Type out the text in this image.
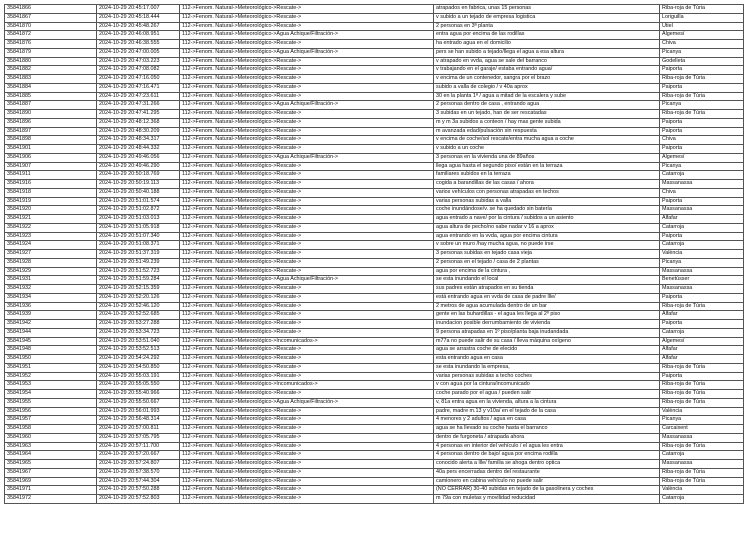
35841866	2024-10-29 20:45:17.007	112->Fenom. Natural->Meteorológico->Rescate->	atrapados en fabrica, unas 15 personas	Riba-roja de Túria
35841867	2024-10-29 20:45:18.444	112->Fenom. Natural->Meteorológico->Rescate->	v subido a un tejado de empresa logistica	Loriguilla
35841870	2024-10-29 20:45:48.267	112->Fenom. Natural->Meteorológico->Rescate->	2 personas en 3ª planta	Utiel
35841872	2024-10-29 20:46:08.951	112->Fenom. Natural->Meteorológico->Agua Achique/Filtración->	entra agua por encima de las rodillas	Algemesí
35841876	2024-10-29 20:46:38.555	112->Fenom. Natural->Meteorológico->Rescate->	ha entrado agua en el domicilio	Chiva
35841879	2024-10-29 20:47:00.005	112->Fenom. Natural->Meteorológico->Agua Achique/Filtración->	pers se han subido a tejado/llega el agua a esa altura	Picanya
35841880	2024-10-29 20:47:03.223	112->Fenom. Natural->Meteorológico->Rescate->	v atrapado en vvda, agua se sale del barranco	Godelleta
35841882	2024-10-29 20:47:08.082	112->Fenom. Natural->Meteorológico->Rescate->	v trabajando en el garaje/ estaba entrando agua/	Paiporta
35841883	2024-10-29 20:47:16.050	112->Fenom. Natural->Meteorológico->Rescate->	v encima de un contenedor, sangra por el brazo	Riba-roja de Túria
35841884	2024-10-29 20:47:16.471	112->Fenom. Natural->Meteorológico->Rescate->	subido a valla de colegio / v 40a aprox	Paiporta
35841885	2024-10-29 20:47:23.611	112->Fenom. Natural->Meteorológico->Rescate->	30 en la planta 1ª / agua a mitad de la escalera y sube	Riba-roja de Túria
35841887	2024-10-29 20:47:31.266	112->Fenom. Natural->Meteorológico->Agua Achique/Filtración->	2 personas dentro de casa , entrando agua	Picanya
35841890	2024-10-29 20:47:41.295	112->Fenom. Natural->Meteorológico->Rescate->	3 subidas en un tejado, han de ser rescatadas	Riba-roja de Túria
35841896	2024-10-29 20:48:12.368	112->Fenom. Natural->Meteorológico->Rescate->	m y m 3a subidos a conteon / hay mas gente subida	Paiporta
35841897	2024-10-29 20:48:30.209	112->Fenom. Natural->Meteorológico->Rescate->	m avanzada edad/pulsación sin respuesta	Paiporta
35841898	2024-10-29 20:48:34.317	112->Fenom. Natural->Meteorológico->Rescate->	v encima de coche/sol rescate/entra mucha agua a coche	Chiva
35841901	2024-10-29 20:48:44.332	112->Fenom. Natural->Meteorológico->Rescate->	v subido a un coche	Paiporta
35841906	2024-10-29 20:49:46.056	112->Fenom. Natural->Meteorológico->Agua Achique/Filtración->	3 personas en la vivienda una de 89años	Algemesí
35841907	2024-10-29 20:49:46.290	112->Fenom. Natural->Meteorológico->Rescate->	llega agua hasta el segundo piso/ están en la terraza	Picanya
35841911	2024-10-29 20:50:18.769	112->Fenom. Natural->Meteorológico->Rescate->	familiares subidos en la terraza	Catarroja
35841916	2024-10-29 20:50:19.113	112->Fenom. Natural->Meteorológico->Rescate->	cogida a barandillas de las casas / ahora	Massanassa
35841918	2024-10-29 20:50:40.188	112->Fenom. Natural->Meteorológico->Rescate->	varios vehículos con personas atrapadas en techos	Chiva
35841919	2024-10-29 20:51:01.574	112->Fenom. Natural->Meteorológico->Rescate->	varias personas subidas a valla	Paiporta
35841920	2024-10-29 20:51:02.872	112->Fenom. Natural->Meteorológico->Rescate->	coche inundándose/v. se ha quedado sin batería	Massanassa
35841921	2024-10-29 20:51:03.013	112->Fenom. Natural->Meteorológico->Rescate->	agua entrado a nave/ por la cintura / subidos a un asiento	Alfafar
35841922	2024-10-29 20:51:05.918	112->Fenom. Natural->Meteorológico->Rescate->	agua altura de pecho/no sabe nadar v 16 a aprox	Catarroja
35841923	2024-10-29 20:51:07.340	112->Fenom. Natural->Meteorológico->Rescate->	agua entrando en la vvda, agua por encima cintura	Paiporta
35841924	2024-10-29 20:51:08.371	112->Fenom. Natural->Meteorológico->Rescate->	v sobre un muro /hay mucha agua, no puede irse	Catarroja
35841927	2024-10-29 20:51:37.319	112->Fenom. Natural->Meteorológico->Rescate->	3 personas subidas en tejado casa vieja	València
35841928	2024-10-29 20:51:49.239	112->Fenom. Natural->Meteorológico->Rescate->	2 personas en el tejado / casa de 2 plantas	Picanya
35841929	2024-10-29 20:51:52.723	112->Fenom. Natural->Meteorológico->Rescate->	agua por encima de la cintura ,	Massanassa
35841931	2024-10-29 20:51:59.284	112->Fenom. Natural->Meteorológico->Agua Achique/Filtración->	se esta inundando el local	Benetússer
35841932	2024-10-29 20:52:15.359	112->Fenom. Natural->Meteorológico->Rescate->	sus padres están atrapados en su tienda	Massanassa
35841934	2024-10-29 20:52:20.126	112->Fenom. Natural->Meteorológico->Rescate->	está entrando agua en vvda de casa de padre llle/	Paiporta
35841936	2024-10-29 20:52:46.120	112->Fenom. Natural->Meteorológico->Rescate->	2 metros de agua acumulada dentro de un bar	Riba-roja de Túria
35841939	2024-10-29 20:52:52.685	112->Fenom. Natural->Meteorológico->Rescate->	gente en las buhardillas - el agua les llega al 2º piso	Alfafar
35841942	2024-10-29 20:53:27.288	112->Fenom. Natural->Meteorológico->Rescate->	inundacion posible derrumbamiento de vivienda	Paiporta
35841944	2024-10-29 20:53:34.723	112->Fenom. Natural->Meteorológico->Rescate->	9 persona atrapadas en 1º piso/planta baja inudandada	Catarroja
35841945	2024-10-29 20:53:51.040	112->Fenom. Natural->Meteorológico->Incomunicados->	m77a no puede salir de su casa / lleva máquina oxígeno	Algemesí
35841948	2024-10-29 20:53:52.513	112->Fenom. Natural->Meteorológico->Rescate->	agua se arrastra coche de elecido	Alfafar
35841950	2024-10-29 20:54:24.292	112->Fenom. Natural->Meteorológico->Rescate->	esta entrando agua en casa	Alfafar
35841951	2024-10-29 20:54:50.850	112->Fenom. Natural->Meteorológico->Rescate->	se esta inundando la empresa,	Riba-roja de Túria
35841952	2024-10-29 20:55:03.191	112->Fenom. Natural->Meteorológico->Rescate->	varias personas subidas a techo coches	Paiporta
35841953	2024-10-29 20:55:05.550	112->Fenom. Natural->Meteorológico->Incomunicados->	v con agua por la cintura/incomunicado	Riba-roja de Túria
35841954	2024-10-29 20:55:40.966	112->Fenom. Natural->Meteorológico->Rescate->	coche parado por el agua / pueden salir	Riba-roja de Túria
35841955	2024-10-29 20:55:50.667	112->Fenom. Natural->Meteorológico->Agua Achique/Filtración->	v, 81a entra agua en la vivienda, altura a la cintura	Riba-roja de Túria
35841956	2024-10-29 20:56:01.993	112->Fenom. Natural->Meteorológico->Rescate->	padre, madre m.13 y v10a/ en el tejado de la casa	València
35841957	2024-10-29 20:56:48.314	112->Fenom. Natural->Meteorológico->Rescate->	4 menores y 2 adultos / agua en casa	Picanya
35841958	2024-10-29 20:57:00.811	112->Fenom. Natural->Meteorológico->Rescate->	agua se ha llevado su coche hasta el barranco	Carcaixent
35841960	2024-10-29 20:57:05.795	112->Fenom. Natural->Meteorológico->Rescate->	dentro de furgoneta / atrapada ahora	Massanassa
35841963	2024-10-29 20:57:11.700	112->Fenom. Natural->Meteorológico->Rescate->	4 personas en interior del vehículo / el agua les entra	Riba-roja de Túria
35841964	2024-10-29 20:57:20.667	112->Fenom. Natural->Meteorológico->Rescate->	4 personas dentro de bajo/ agua por encima rodilla	Catarroja
35841965	2024-10-29 20:57:24.807	112->Fenom. Natural->Meteorológico->Rescate->	conocido alerta a llle/ familia se ahoga dentro optica	Massanassa
35841967	2024-10-29 20:57:38.570	112->Fenom. Natural->Meteorológico->Rescate->	40a pers encerradas dentro del restaurante	Riba-roja de Túria
35841969	2024-10-29 20:57:44.304	112->Fenom. Natural->Meteorológico->Rescate->	camionero en cabina vehículo no puede salir	Riba-roja de Túria
35841971	2024-10-29 20:57:50.288	112->Fenom. Natural->Meteorológico->Rescate->	(NO CERRAR) 30-40 subidas en tejado de la gasolinera y coches	València
35841972	2024-10-29 20:57:52.803	112->Fenom. Natural->Meteorológico->Rescate->	m 79a con muletas y movilidad reducidad	Catarroja
